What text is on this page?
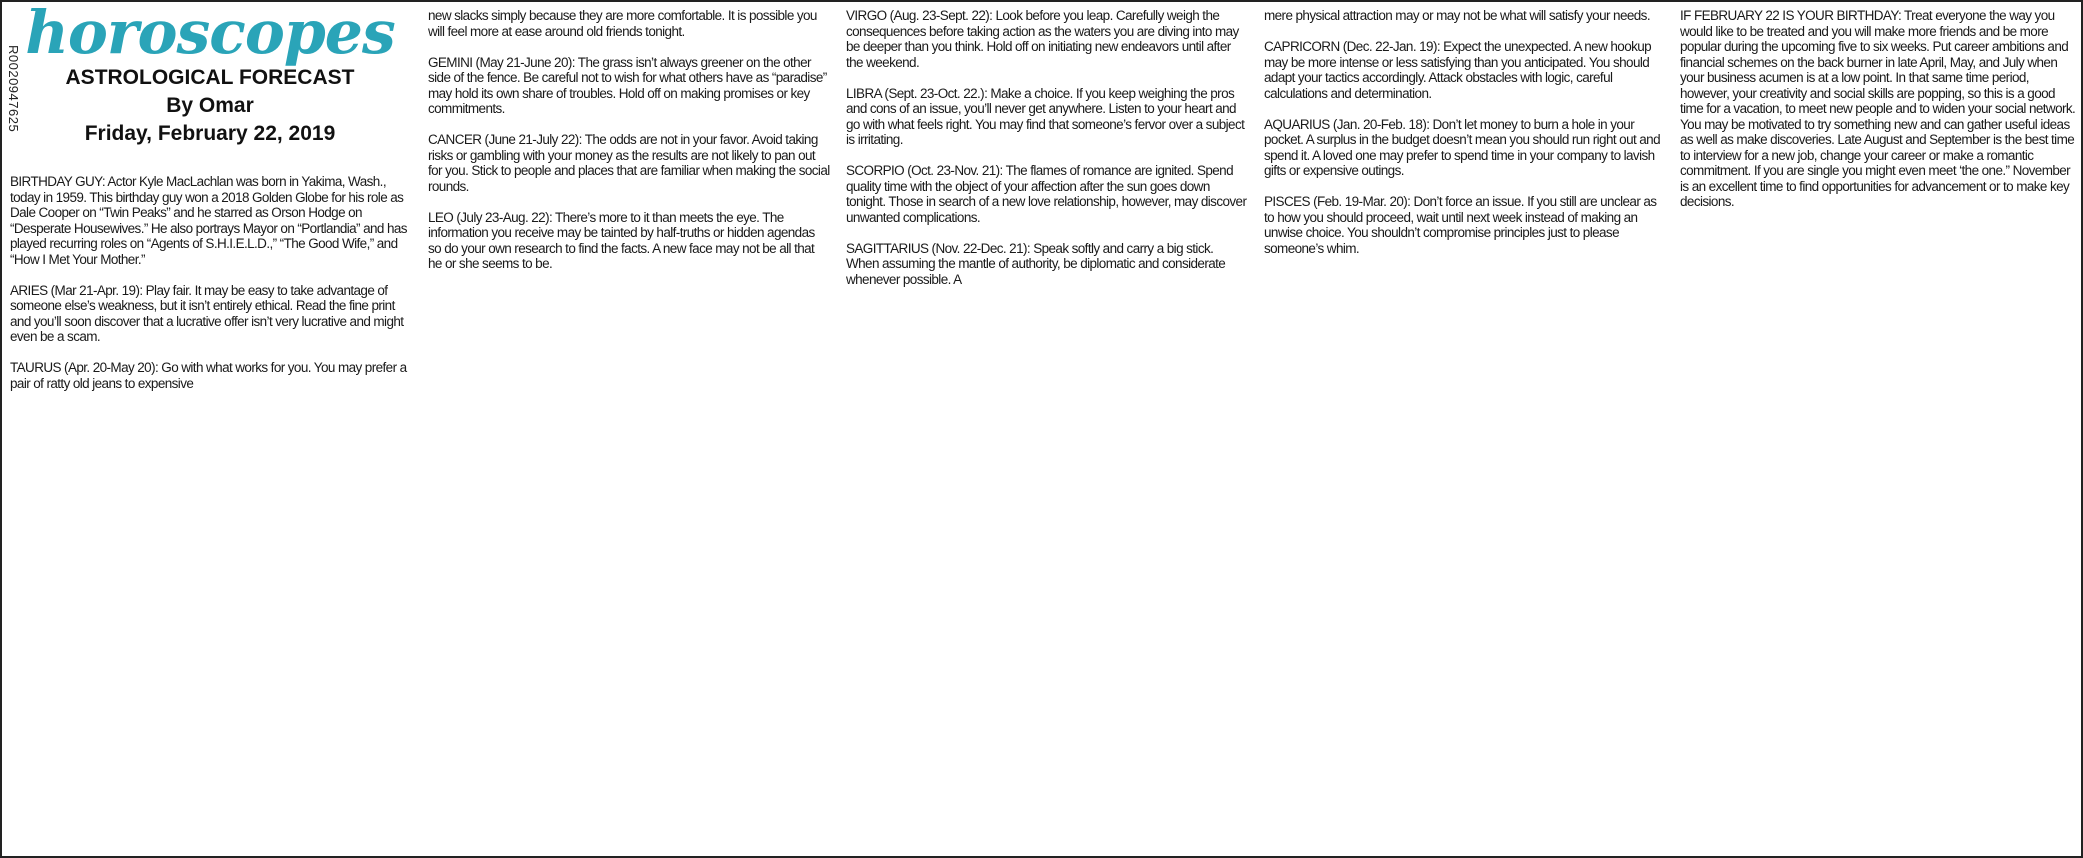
R0020947625
horoscopes
ASTROLOGICAL FORECAST
By Omar
Friday, February 22, 2019

BIRTHDAY GUY: Actor Kyle MacLachlan was born in Yakima, Wash., today in 1959. This birthday guy won a 2018 Golden Globe for his role as Dale Cooper on “Twin Peaks” and he starred as Orson Hodge on “Desperate Housewives.” He also portrays Mayor on “Portlandia” and has played recurring roles on “Agents of S.H.I.E.L.D.,” “The Good Wife,” and “How I Met Your Mother.”

ARIES (Mar 21-Apr. 19): Play fair. It may be easy to take advantage of someone else’s weakness, but it isn’t entirely ethical. Read the fine print and you’ll soon discover that a lucrative offer isn’t very lucrative and might even be a scam.

TAURUS (Apr. 20-May 20): Go with what works for you. You may prefer a pair of ratty old jeans to expensive

new slacks simply because they are more comfortable. It is possible you will feel more at ease around old friends tonight.

GEMINI (May 21-June 20): The grass isn’t always greener on the other side of the fence. Be careful not to wish for what others have as “paradise” may hold its own share of troubles. Hold off on making promises or key commitments.

CANCER (June 21-July 22): The odds are not in your favor. Avoid taking risks or gambling with your money as the results are not likely to pan out for you. Stick to people and places that are familiar when making the social rounds.

LEO (July 23-Aug. 22): There’s more to it than meets the eye. The information you receive may be tainted by half-truths or hidden agendas so do your own research to find the facts. A new face may not be all that he or she seems to be.

VIRGO (Aug. 23-Sept. 22): Look before you leap. Carefully weigh the consequences before taking action as the waters you are diving into may be deeper than you think. Hold off on initiating new endeavors until after the weekend.

LIBRA (Sept. 23-Oct. 22.): Make a choice. If you keep weighing the pros and cons of an issue, you’ll never get anywhere. Listen to your heart and go with what feels right. You may find that someone’s fervor over a subject is irritating.

SCORPIO (Oct. 23-Nov. 21): The flames of romance are ignited. Spend quality time with the object of your affection after the sun goes down tonight. Those in search of a new love relationship, however, may discover unwanted complications.

SAGITTARIUS (Nov. 22-Dec. 21): Speak softly and carry a big stick. When assuming the mantle of authority, be diplomatic and considerate whenever possible. A

mere physical attraction may or may not be what will satisfy your needs.

CAPRICORN (Dec. 22-Jan. 19): Expect the unexpected. A new hookup may be more intense or less satisfying than you anticipated. You should adapt your tactics accordingly. Attack obstacles with logic, careful calculations and determination.

AQUARIUS (Jan. 20-Feb. 18): Don’t let money to burn a hole in your pocket. A surplus in the budget doesn’t mean you should run right out and spend it. A loved one may prefer to spend time in your company to lavish gifts or expensive outings.

PISCES (Feb. 19-Mar. 20): Don’t force an issue. If you still are unclear as to how you should proceed, wait until next week instead of making an unwise choice. You shouldn’t compromise principles just to please someone’s whim.

IF FEBRUARY 22 IS YOUR BIRTHDAY: Treat everyone the way you would like to be treated and you will make more friends and be more popular during the upcoming five to six weeks. Put career ambitions and financial schemes on the back burner in late April, May, and July when your business acumen is at a low point. In that same time period, however, your creativity and social skills are popping, so this is a good time for a vacation, to meet new people and to widen your social network. You may be motivated to try something new and can gather useful ideas as well as make discoveries. Late August and September is the best time to interview for a new job, change your career or make a romantic commitment. If you are single you might even meet ‘the one.” November is an excellent time to find opportunities for advancement or to make key decisions.
